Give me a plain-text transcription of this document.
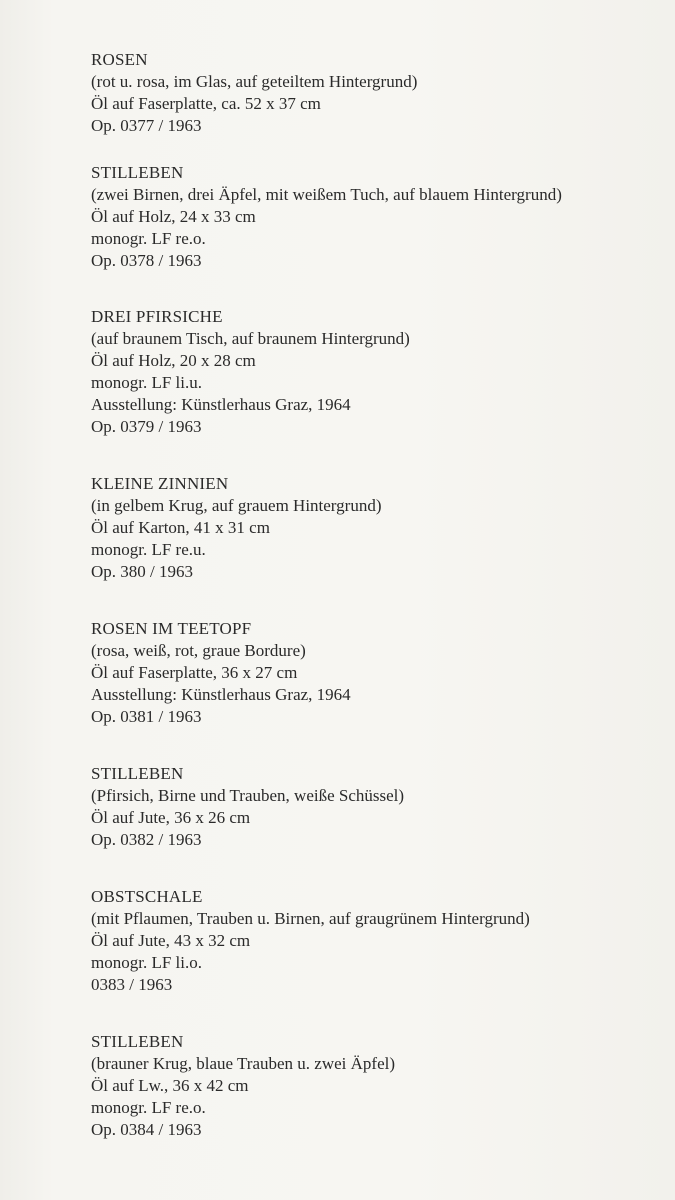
ROSEN
(rot u. rosa, im Glas, auf geteiltem Hintergrund)
Öl auf Faserplatte, ca. 52 x 37 cm
Op. 0377 / 1963
STILLEBEN
(zwei Birnen, drei Äpfel, mit weißem Tuch, auf blauem Hintergrund)
Öl auf Holz, 24 x 33 cm
monogr. LF re.o.
Op. 0378 / 1963
DREI PFIRSICHE
(auf braunem Tisch, auf braunem Hintergrund)
Öl auf Holz, 20 x 28 cm
monogr. LF li.u.
Ausstellung: Künstlerhaus Graz, 1964
Op. 0379 / 1963
KLEINE ZINNIEN
(in gelbem Krug, auf grauem Hintergrund)
Öl auf Karton, 41 x 31 cm
monogr. LF re.u.
Op. 380 / 1963
ROSEN IM TEETOPF
(rosa, weiß, rot, graue Bordure)
Öl auf Faserplatte, 36 x 27 cm
Ausstellung: Künstlerhaus Graz, 1964
Op. 0381 / 1963
STILLEBEN
(Pfirsich, Birne und Trauben, weiße Schüssel)
Öl auf Jute, 36 x 26 cm
Op. 0382 / 1963
OBSTSCHALE
(mit Pflaumen, Trauben u. Birnen, auf graugrünem Hintergrund)
Öl auf Jute, 43 x 32 cm
monogr. LF li.o.
0383 / 1963
STILLEBEN
(brauner Krug, blaue Trauben u. zwei Äpfel)
Öl auf Lw., 36 x 42 cm
monogr. LF re.o.
Op. 0384 / 1963
